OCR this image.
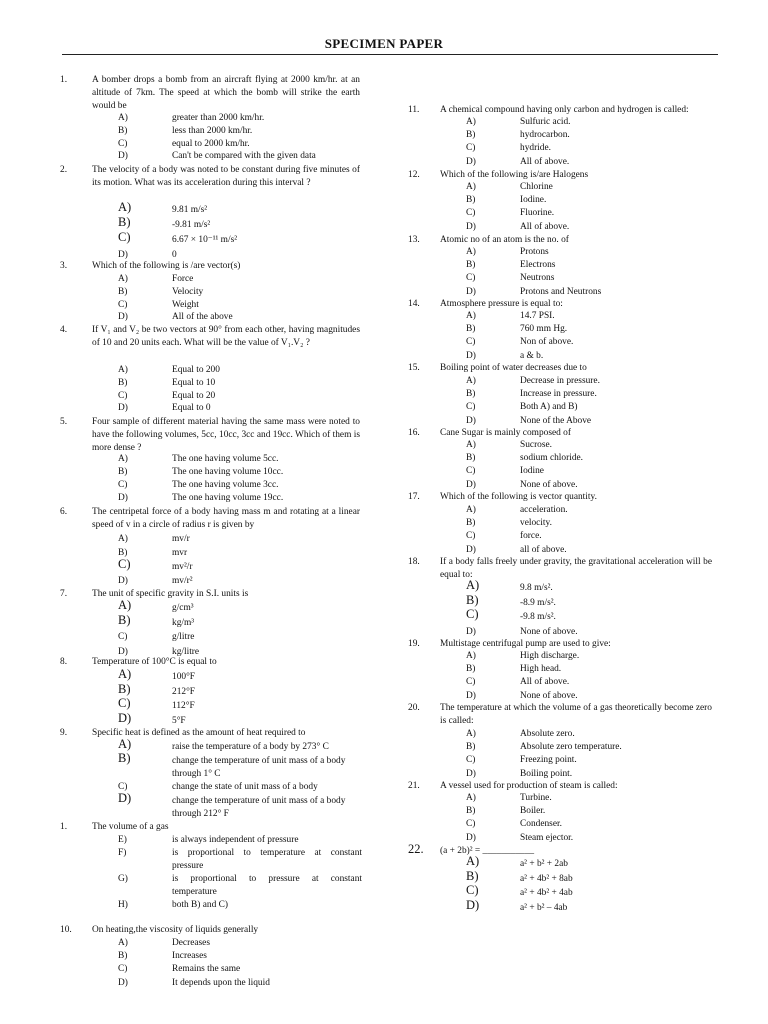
SPECIMEN PAPER
1.	A bomber drops a bomb from an aircraft flying at 2000 km/hr. at an altitude of 7km. The speed at which the bomb will strike the earth would be
A)	greater than 2000 km/hr.
B)	less than 2000 km/hr.
C)	equal to 2000 km/hr.
D)	Can't be compared with the given data
2.	The velocity of a body was noted to be constant during five minutes of its motion. What was its acceleration during this interval ?
A)	9.81 m/s²
B)	-9.81 m/s²
C)	6.67 × 10⁻¹¹ m/s²
D)	0
3.	Which of the following is /are vector(s)
A)	Force
B)	Velocity
C)	Weight
D)	All of the above
4.	If V₁ and V₂ be two vectors at 90° from each other, having magnitudes of 10 and 20 units each. What will be the value of V₁.V₂ ?
A)	Equal to 200
B)	Equal to 10
C)	Equal to 20
D)	Equal to 0
5.	Four sample of different material having the same mass were noted to have the following volumes, 5cc, 10cc, 3cc and 19cc. Which of them is more dense ?
A)	The one having volume 5cc.
B)	The one having volume 10cc.
C)	The one having volume 3cc.
D)	The one having volume 19cc.
6.	The centripetal force of a body having mass m and rotating at a linear speed of v in a circle of radius r is given by
A)	mv/r
B)	mvr
C)	mv²/r
D)	mv/r²
7.	The unit of specific gravity in S.I. units is
A)	g/cm³
B)	kg/m³
C)	g/litre
D)	kg/litre
8.	Temperature of 100°C is equal to
A)	100°F
B)	212°F
C)	112°F
D)	5°F
9.	Specific heat is defined as the amount of heat required to
A)	raise the temperature of a body by 273° C
B)	change the temperature of unit mass of a body
through 1° C
C)	change the state of unit mass of a body
D)	change the temperature of unit mass of a body
through 212° F
1.	The volume of a gas
E)	is always independent of pressure
F)	is proportional to temperature at constant
pressure
G)	is proportional to pressure at constant
temperature
H)	both B) and C)
10. On heating,the viscosity of liquids generally
A)	Decreases
B)	Increases
C)	Remains the same
D)	It depends upon the liquid
11. A chemical compound having only carbon and hydrogen is called:
A)	Sulfuric acid.
B)	hydrocarbon.
C)	hydride.
D)	All of above.
12. Which of the following is/are Halogens
A)	Chlorine
B)	Iodine.
C)	Fluorine.
D)	All of above.
13. Atomic no of an atom is the no. of
A)	Protons
B)	Electrons
C)	Neutrons
D)	Protons and Neutrons
14. Atmosphere pressure is equal to:
A)	14.7 PSI.
B)	760 mm Hg.
C)	Non of above.
D)	a & b.
15. Boiling point of water decreases due to
A)	Decrease in pressure.
B)	Increase in pressure.
C)	Both A) and B)
D)	None of the Above
16. Cane Sugar is mainly composed of
A)	Sucrose.
B)	sodium chloride.
C)	Iodine
D)	None of above.
17. Which of the following is vector quantity.
A)	acceleration.
B)	velocity.
C)	force.
D)	all of above.
18. If a body falls freely under gravity, the gravitational acceleration will be equal to:
A)	9.8 m/s².
B)	-8.9 m/s².
C)	-9.8 m/s².
D)	None of above.
19. Multistage centrifugal pump are used to give:
A)	High discharge.
B)	High head.
C)	All of above.
D)	None of above.
20. The temperature at which the volume of a gas theoretically become zero is called:
A)	Absolute zero.
B)	Absolute zero temperature.
C)	Freezing point.
D)	Boiling point.
21. A vessel used for production of steam is called:
A)	Turbine.
B)	Boiler.
C)	Condenser.
D)	Steam ejector.
22. (a + 2b)² = ___________
A)	a² + b² + 2ab
B)	a² + 4b² + 8ab
C)	a² + 4b² + 4ab
D)	a² + b² – 4ab
